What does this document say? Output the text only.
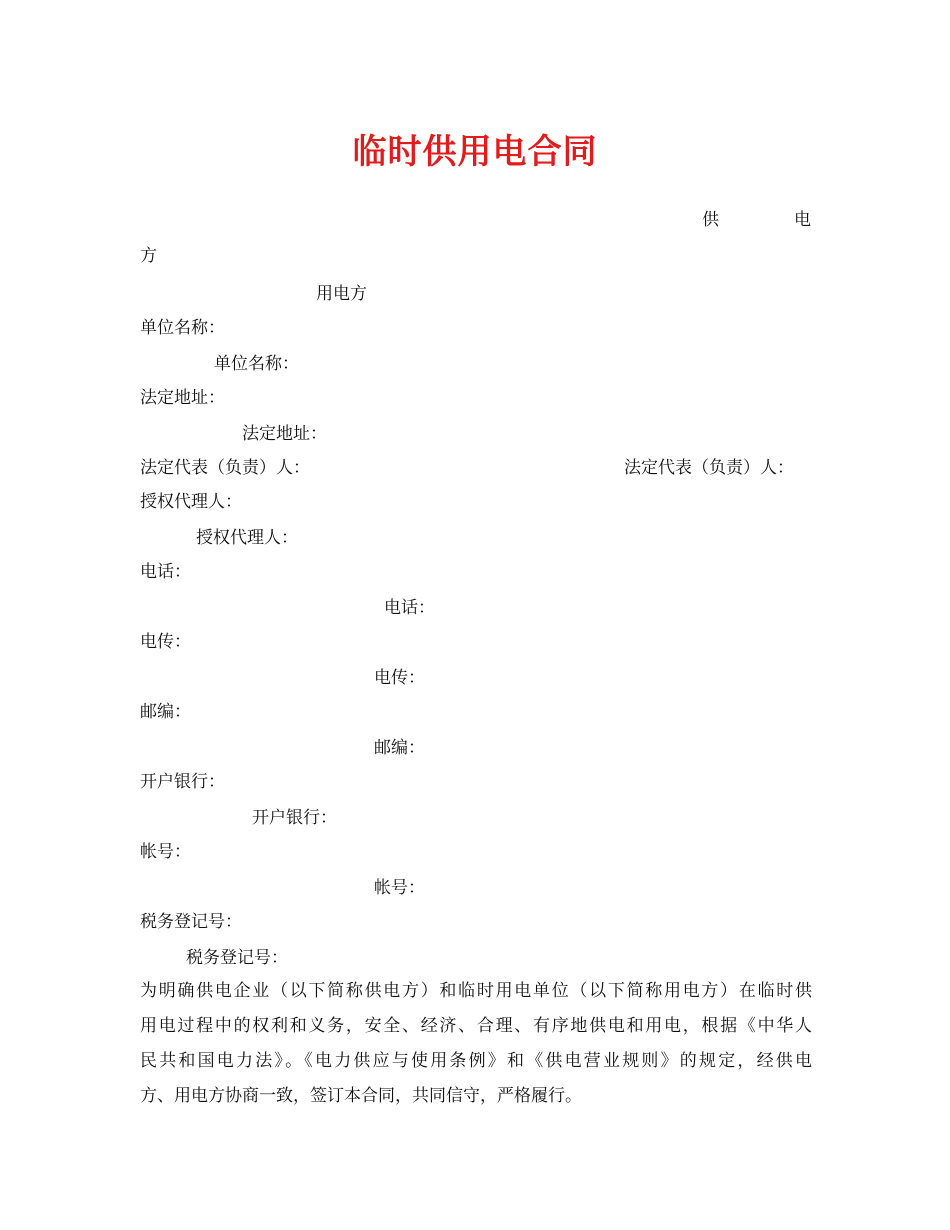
临时供用电合同
供	电
方
用电方
单位名称：
单位名称：
法定地址：
法定地址：
法定代表（负责）人：	法定代表（负责）人：
授权代理人：
授权代理人：
电话：
电话：
电传：
电传：
邮编：
邮编：
开户银行：
开户银行：
帐号：
帐号：
税务登记号：
税务登记号：
为明确供电企业（以下简称供电方）和临时用电单位（以下简称用电方）在临时供
用电过程中的权利和义务，安全、经济、合理、有序地供电和用电，根据《中华人
民共和国电力法》。《电力供应与使用条例》和《供电营业规则》的规定，经供电
方、用电方协商一致，签订本合同，共同信守，严格履行。
